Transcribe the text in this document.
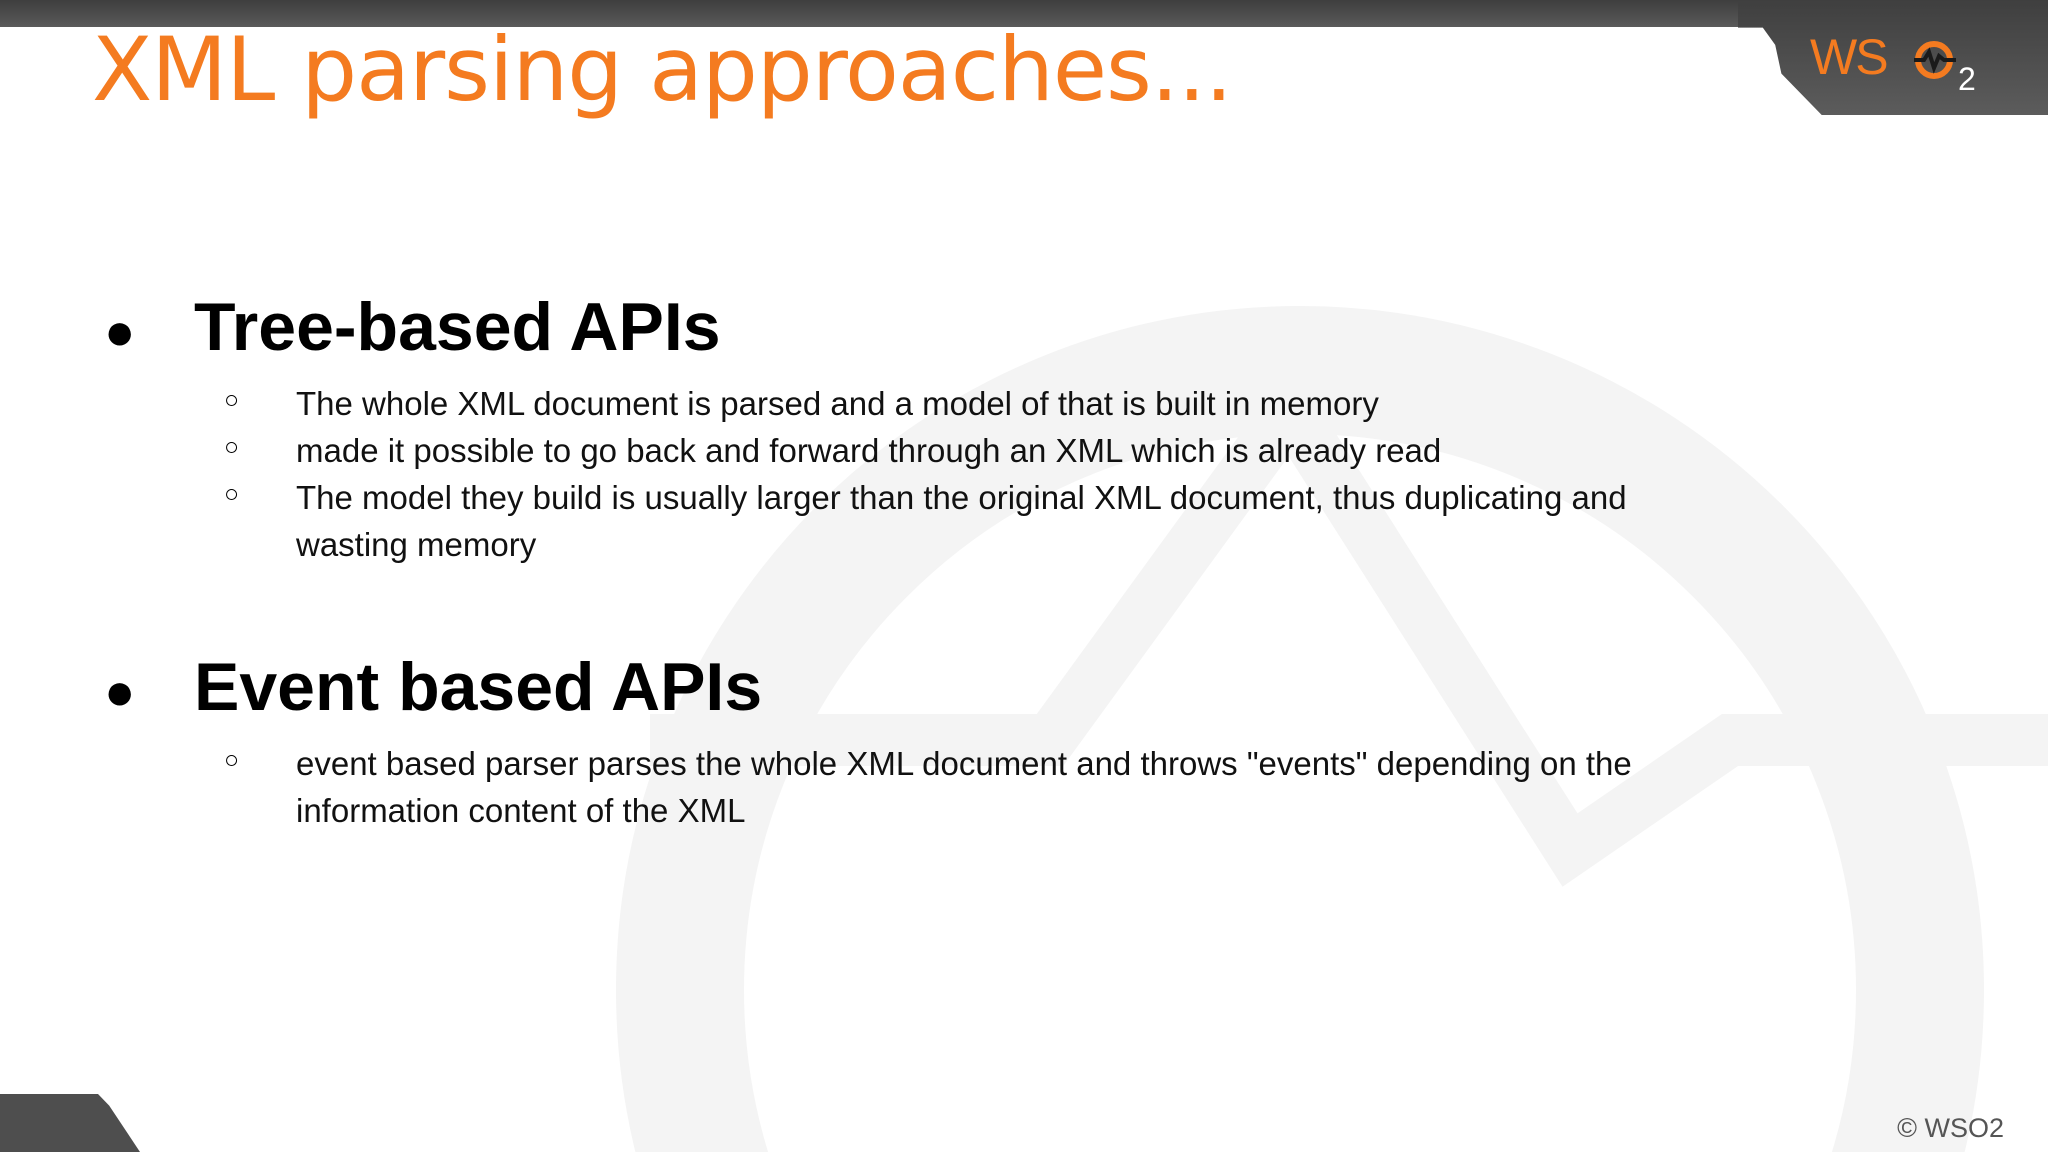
WS 2
XML parsing approaches...
● Tree-based APIs
○ The whole XML document is parsed and a model of that is built in memory
○ made it possible to go back and forward through an XML which is already read
○ The model they build is usually larger than the original XML document, thus duplicating and wasting memory
● Event based APIs
○ event based parser parses the whole XML document and throws "events" depending on the information content of the XML
© WSO2
